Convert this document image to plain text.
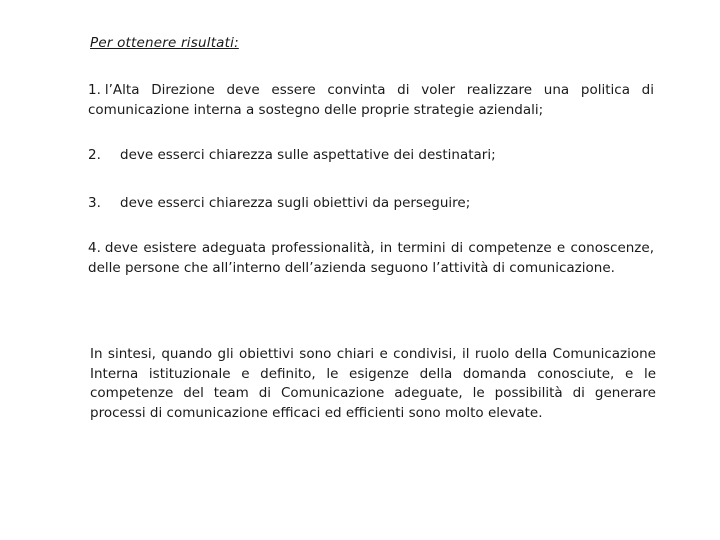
Per ottenere risultati:
1. l’Alta Direzione deve essere convinta di voler realizzare una politica di comunicazione interna a sostegno delle proprie strategie aziendali;
2. deve esserci chiarezza sulle aspettative dei destinatari;
3. deve esserci chiarezza sugli obiettivi da perseguire;
4. deve esistere adeguata professionalità, in termini di competenze e conoscenze, delle persone che all’interno dell’azienda seguono l’attività di comunicazione.
In sintesi, quando gli obiettivi sono chiari e condivisi, il ruolo della Comunicazione Interna istituzionale e definito, le esigenze della domanda conosciute, e le competenze del team di Comunicazione adeguate, le possibilità di generare processi di comunicazione efficaci ed efficienti sono molto elevate.
